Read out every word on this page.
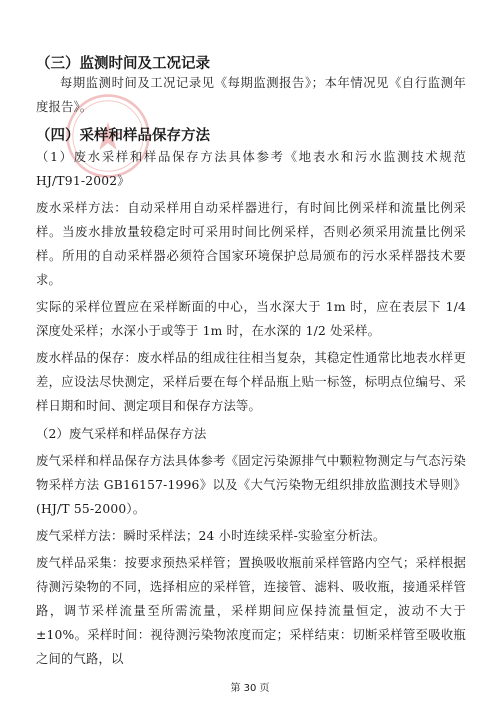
（三）监测时间及工况记录

每期监测时间及工况记录见《每期监测报告》；本年情况见《自行监测年度报告》。

（四）采样和样品保存方法

（1）废水采样和样品保存方法具体参考《地表水和污水监测技术规范HJ/T91-2002》

废水采样方法：自动采样用自动采样器进行，有时间比例采样和流量比例采样。当废水排放量较稳定时可采用时间比例采样，否则必须采用流量比例采样。所用的自动采样器必须符合国家环境保护总局颁布的污水采样器技术要求。

实际的采样位置应在采样断面的中心，当水深大于 1m 时，应在表层下 1/4 深度处采样；水深小于或等于 1m 时，在水深的 1/2 处采样。

废水样品的保存：废水样品的组成往往相当复杂，其稳定性通常比地表水样更差，应设法尽快测定，采样后要在每个样品瓶上贴一标签，标明点位编号、采样日期和时间、测定项目和保存方法等。

（2）废气采样和样品保存方法

废气采样和样品保存方法具体参考《固定污染源排气中颗粒物测定与气态污染物采样方法 GB16157-1996》以及《大气污染物无组织排放监测技术导则》(HJ/T 55-2000）。

废气采样方法：瞬时采样法；24 小时连续采样-实验室分析法。

废气样品采集：按要求预热采样管；置换吸收瓶前采样管路内空气；采样根据待测污染物的不同，选择相应的采样管，连接管、滤料、吸收瓶，接通采样管路，调节采样流量至所需流量，采样期间应保持流量恒定，波动不大于±10%。采样时间：视待测污染物浓度而定；采样结束：切断采样管至吸收瓶之间的气路，以

第 30 页
